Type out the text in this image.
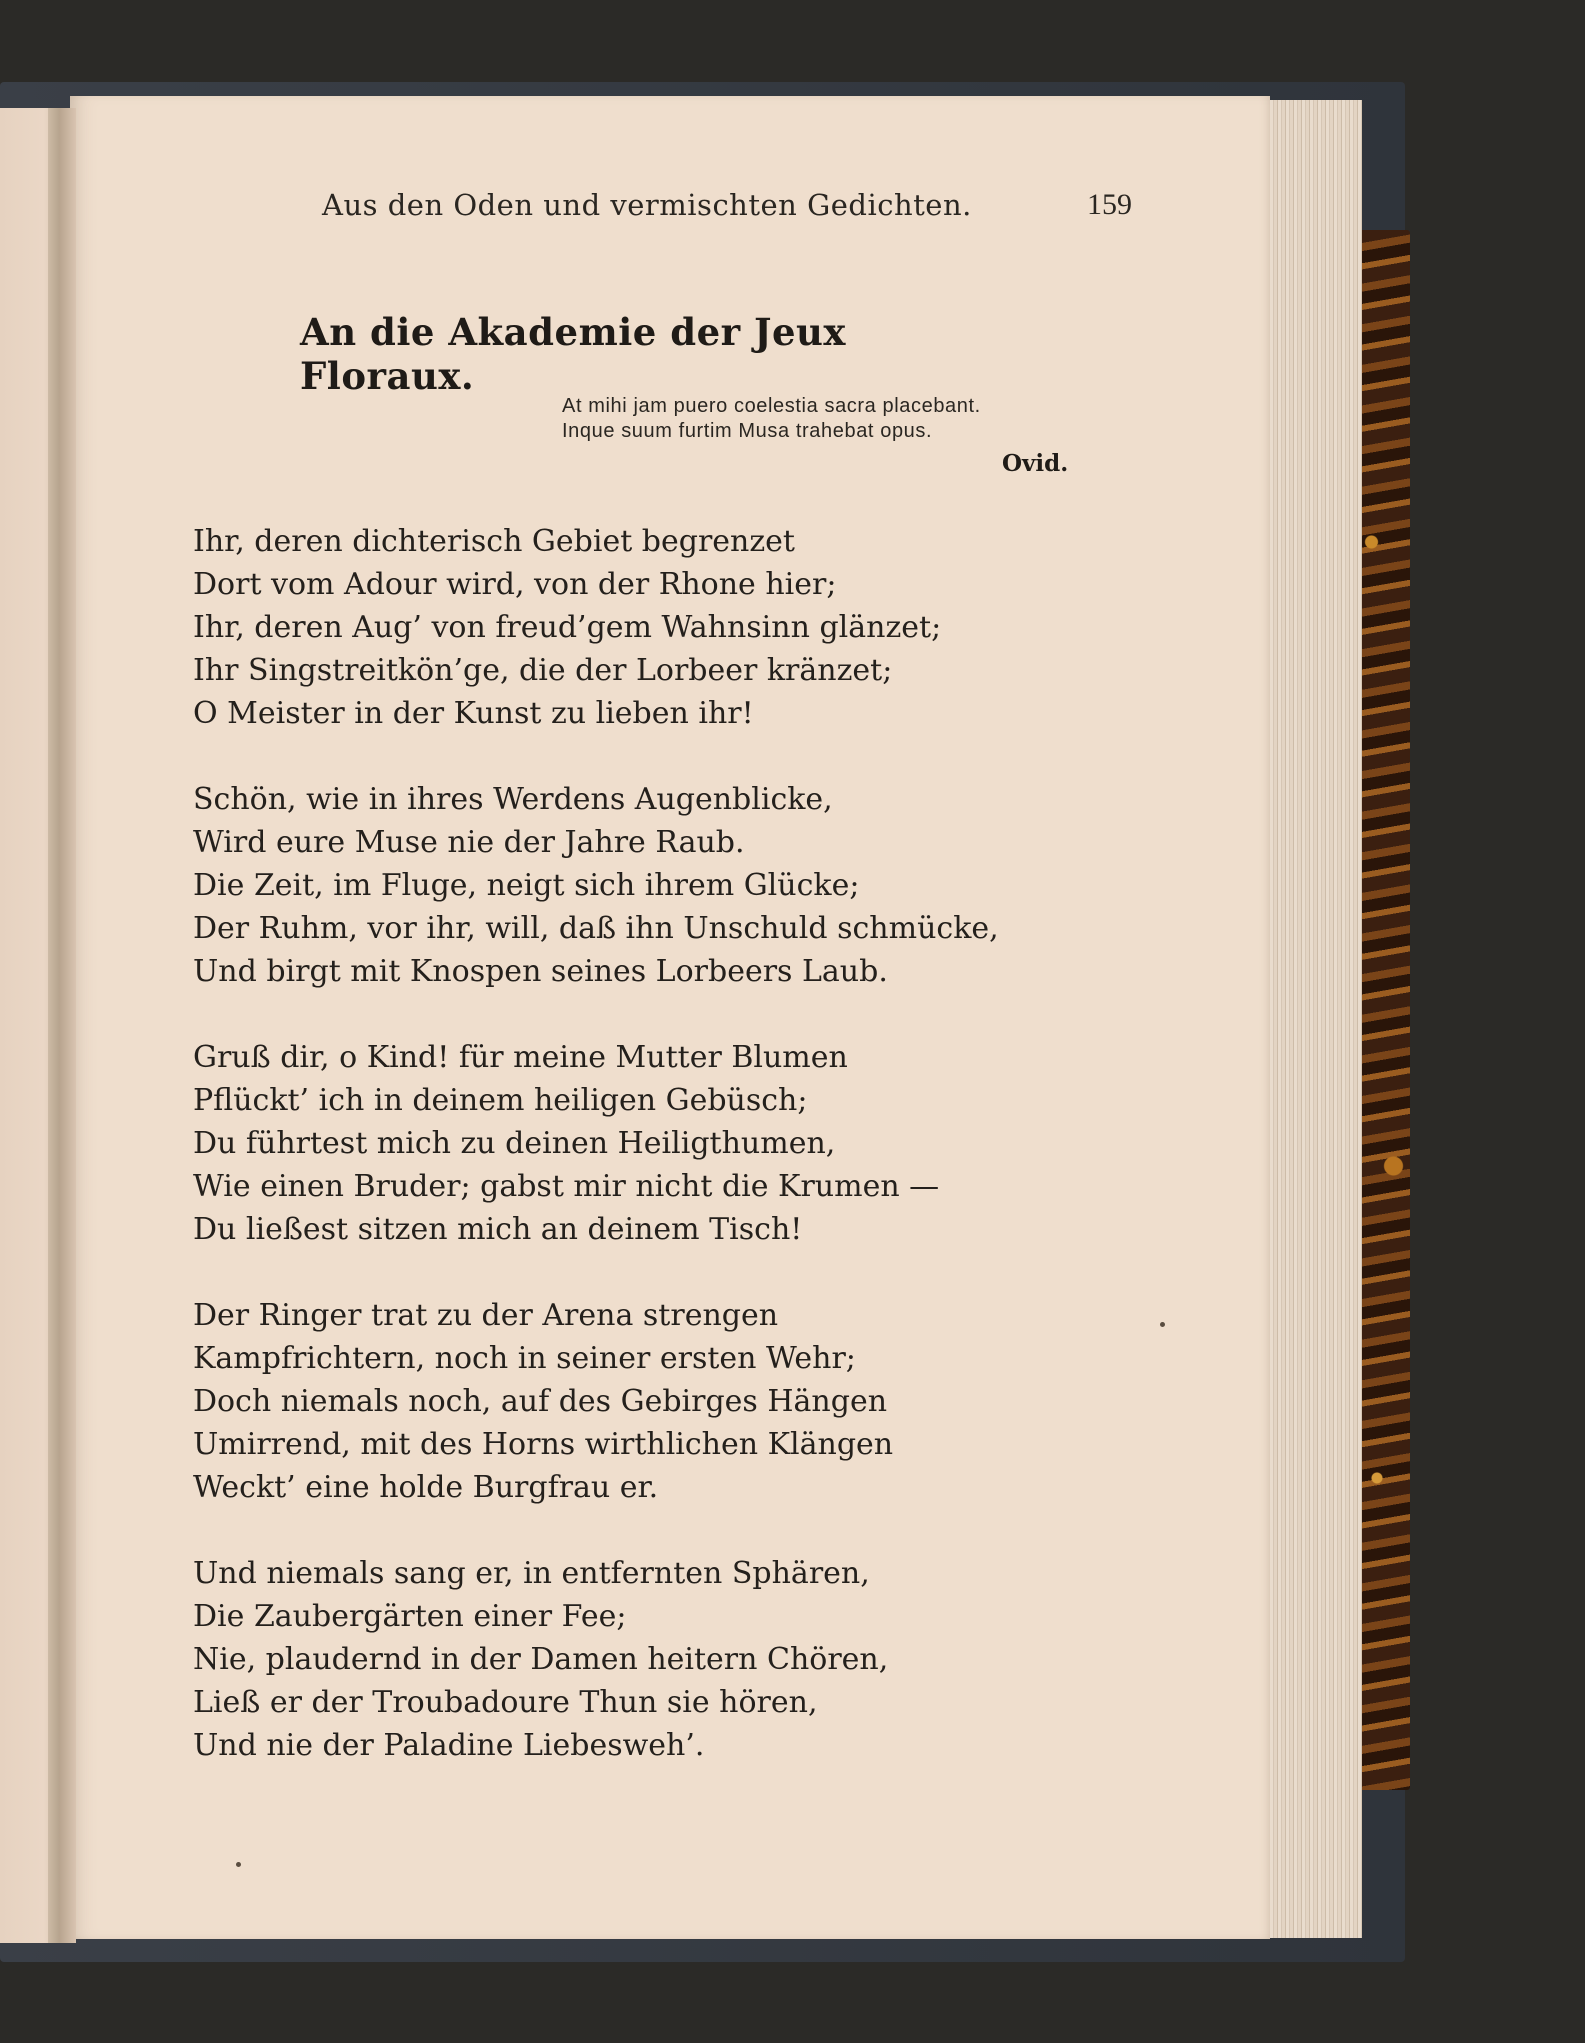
Aus den Oden und vermischten Gedichten.	159
An die Akademie der Jeux Floraux.
At mihi jam puero coelestia sacra placebant.
Inque suum furtim Musa trahebat opus.
Ovid.
Ihr, deren dichterisch Gebiet begrenzet
Dort vom Adour wird, von der Rhone hier;
Ihr, deren Aug’ von freud’gem Wahnsinn glänzet;
Ihr Singstreitkön’ge, die der Lorbeer kränzet;
O Meister in der Kunst zu lieben ihr!
Schön, wie in ihres Werdens Augenblicke,
Wird eure Muse nie der Jahre Raub.
Die Zeit, im Fluge, neigt sich ihrem Glücke;
Der Ruhm, vor ihr, will, daß ihn Unschuld schmücke,
Und birgt mit Knospen seines Lorbeers Laub.
Gruß dir, o Kind! für meine Mutter Blumen
Pflückt’ ich in deinem heiligen Gebüsch;
Du führtest mich zu deinen Heiligthumen,
Wie einen Bruder; gabst mir nicht die Krumen —
Du ließest sitzen mich an deinem Tisch!
Der Ringer trat zu der Arena strengen
Kampfrichtern, noch in seiner ersten Wehr;
Doch niemals noch, auf des Gebirges Hängen
Umirrend, mit des Horns wirthlichen Klängen
Weckt’ eine holde Burgfrau er.
Und niemals sang er, in entfernten Sphären,
Die Zaubergärten einer Fee;
Nie, plaudernd in der Damen heitern Chören,
Ließ er der Troubadoure Thun sie hören,
Und nie der Paladine Liebesweh’.
